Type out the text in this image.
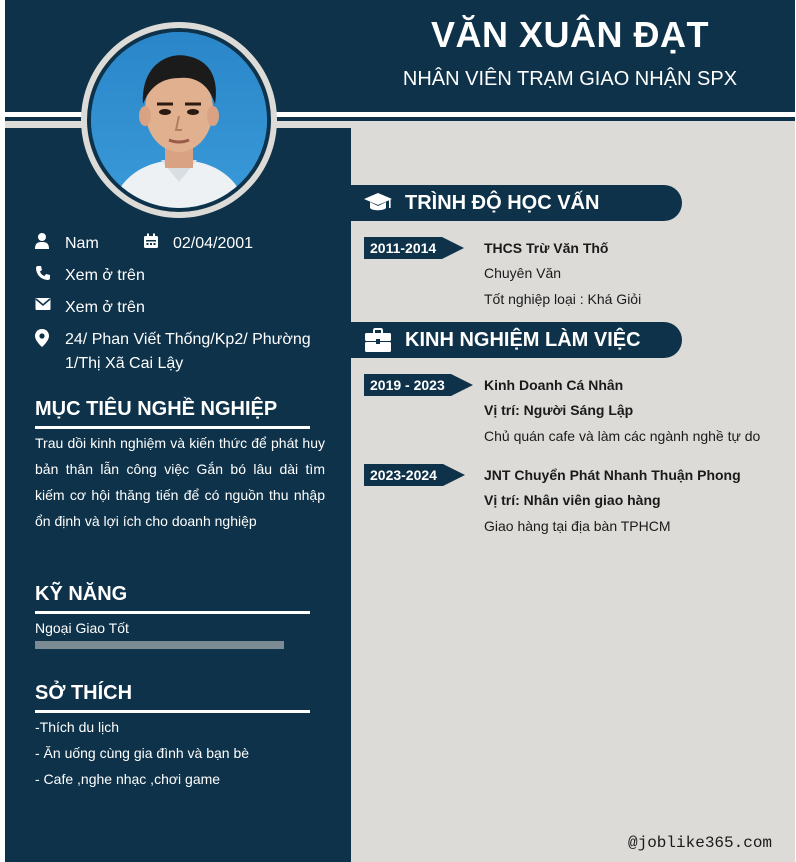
VĂN XUÂN ĐẠT
NHÂN VIÊN TRẠM GIAO NHẬN SPX
Nam	02/04/2001
Xem ở trên
Xem ở trên
24/ Phan Viết Thống/Kp2/ Phường
1/Thị Xã Cai Lậy
MỤC TIÊU NGHỀ NGHIỆP
Trau dồi kinh nghiệm và kiến thức để phát huy bản thân lẫn công việc Gắn bó lâu dài tìm kiếm cơ hội thăng tiến để có nguồn thu nhập ổn định và lợi ích cho doanh nghiệp
KỸ NĂNG
Ngoại Giao Tốt
SỞ THÍCH
-Thích du lịch
- Ăn uống cùng gia đình và bạn bè
- Cafe ,nghe nhạc ,chơi game
TRÌNH ĐỘ HỌC VẤN
2011-2014	THCS Trừ Văn Thố
Chuyên Văn
Tốt nghiệp loại : Khá Giỏi
KINH NGHIỆM LÀM VIỆC
2019 - 2023	Kinh Doanh Cá Nhân
Vị trí: Người Sáng Lập
Chủ quán cafe và làm các ngành nghề tự do
2023-2024	JNT Chuyển Phát Nhanh Thuận Phong
Vị trí: Nhân viên giao hàng
Giao hàng tại địa bàn TPHCM
@joblike365.com
